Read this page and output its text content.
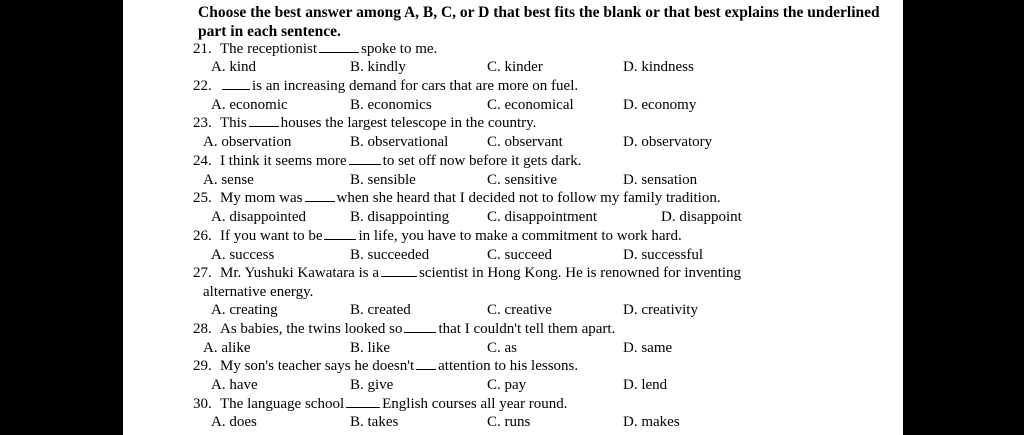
Choose the best answer among A, B, C, or D that best fits the blank or that best explains the underlined part in each sentence.

21. The receptionist	spoke to me.
A. kind	B. kindly	C. kinder	D. kindness
22.	is an increasing demand for cars that are more on fuel.
A. economic	B. economics	C. economical	D. economy
23. This houses the largest telescope in the country.
A. observation	B. observational	C. observant	D. observatory
24. I think it seems more to set off now before it gets dark.
A. sense	B. sensible	C. sensitive	D. sensation
25. My mom was when she heard that I decided not to follow my family tradition.
A. disappointed	B. disappointing	C. disappointment	D. disappoint
26. If you want to be in life, you have to make a commitment to work hard.
A. success	B. succeeded	C. succeed	D. successful
27. Mr. Yushuki Kawatara is a	scientist in Hong Kong. He is renowned for inventing
alternative energy.
A. creating	B. created	C. creative	D. creativity
28. As babies, the twins looked so that I couldn't tell them apart.
A. alike	B. like	C. as	D. same
29. My son's teacher says he doesn't attention to his lessons.
A. have	B. give	C. pay	D. lend
30. The language school	English courses all year round.
A. does	B. takes	C. runs	D. makes
